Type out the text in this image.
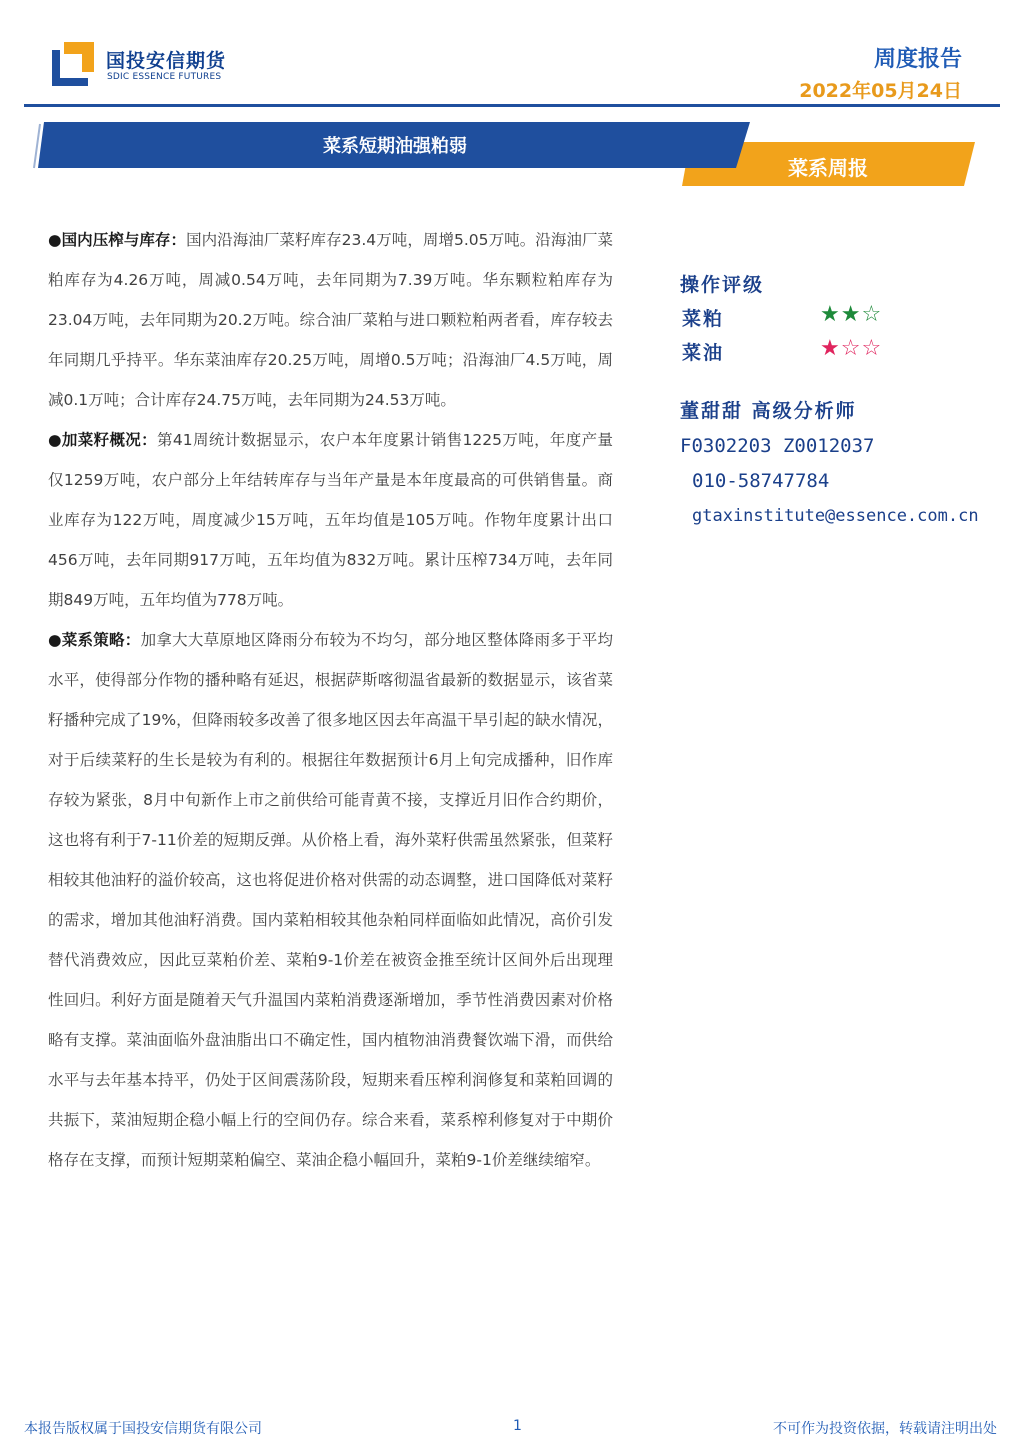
国投安信期货
SDIC ESSENCE FUTURES
周度报告
2022年05月24日
菜系短期油强粕弱
菜系周报

●国内压榨与库存：国内沿海油厂菜籽库存23.4万吨，周增5.05万吨。沿海油厂菜粕库存为4.26万吨，周减0.54万吨，去年同期为7.39万吨。华东颗粒粕库存为23.04万吨，去年同期为20.2万吨。综合油厂菜粕与进口颗粒粕两者看，库存较去年同期几乎持平。华东菜油库存20.25万吨，周增0.5万吨；沿海油厂4.5万吨，周减0.1万吨；合计库存24.75万吨，去年同期为24.53万吨。

●加菜籽概况：第41周统计数据显示，农户本年度累计销售1225万吨，年度产量仅1259万吨，农户部分上年结转库存与当年产量是本年度最高的可供销售量。商业库存为122万吨，周度减少15万吨，五年均值是105万吨。作物年度累计出口456万吨，去年同期917万吨，五年均值为832万吨。累计压榨734万吨，去年同期849万吨，五年均值为778万吨。

●菜系策略：加拿大大草原地区降雨分布较为不均匀，部分地区整体降雨多于平均水平，使得部分作物的播种略有延迟，根据萨斯喀彻温省最新的数据显示，该省菜籽播种完成了19%，但降雨较多改善了很多地区因去年高温干旱引起的缺水情况，对于后续菜籽的生长是较为有利的。根据往年数据预计6月上旬完成播种，旧作库存较为紧张，8月中旬新作上市之前供给可能青黄不接，支撑近月旧作合约期价，这也将有利于7-11价差的短期反弹。从价格上看，海外菜籽供需虽然紧张，但菜籽相较其他油籽的溢价较高，这也将促进价格对供需的动态调整，进口国降低对菜籽的需求，增加其他油籽消费。国内菜粕相较其他杂粕同样面临如此情况，高价引发替代消费效应，因此豆菜粕价差、菜粕9-1价差在被资金推至统计区间外后出现理性回归。利好方面是随着天气升温国内菜粕消费逐渐增加，季节性消费因素对价格略有支撑。菜油面临外盘油脂出口不确定性，国内植物油消费餐饮端下滑，而供给水平与去年基本持平，仍处于区间震荡阶段，短期来看压榨利润修复和菜粕回调的共振下，菜油短期企稳小幅上行的空间仍存。综合来看，菜系榨利修复对于中期价格存在支撑，而预计短期菜粕偏空、菜油企稳小幅回升，菜粕9-1价差继续缩窄。

操作评级
菜粕	★★☆
菜油	★☆☆
董甜甜 高级分析师
F0302203 Z0012037
010-58747784
gtaxinstitute@essence.com.cn
本报告版权属于国投安信期货有限公司	1	不可作为投资依据，转载请注明出处
